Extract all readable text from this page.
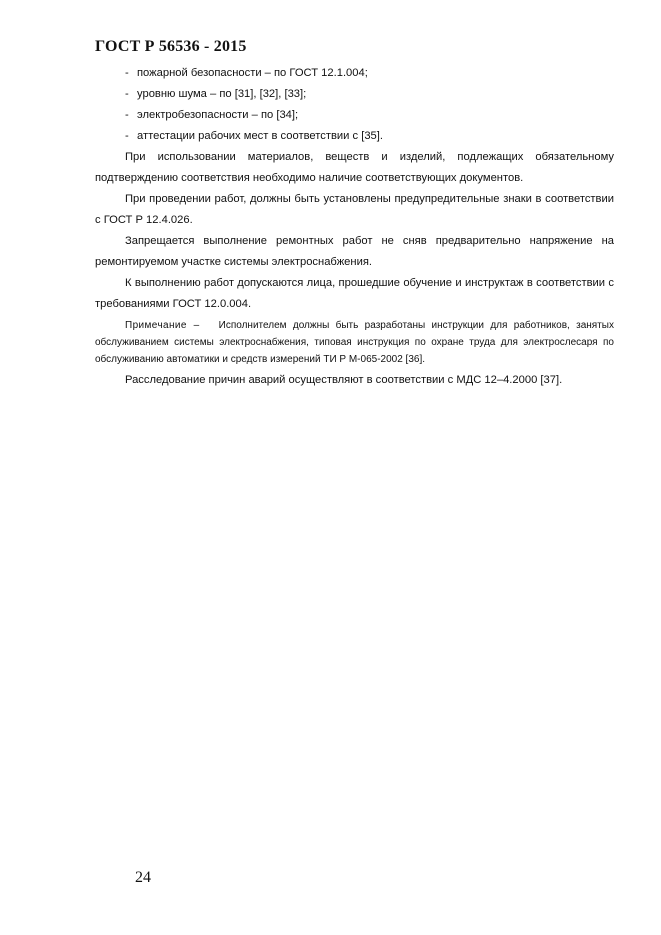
ГОСТ Р 56536 - 2015
- пожарной безопасности – по ГОСТ 12.1.004;
- уровню шума – по [31], [32], [33];
- электробезопасности – по [34];
- аттестации рабочих мест в соответствии с [35].

При использовании материалов, веществ и изделий, подлежащих обязательному подтверждению соответствия необходимо наличие соответствующих документов.

При проведении работ, должны быть установлены предупредительные знаки в соответствии с ГОСТ Р 12.4.026.

Запрещается выполнение ремонтных работ не сняв предварительно напряжение на ремонтируемом участке системы электроснабжения.

К выполнению работ допускаются лица, прошедшие обучение и инструктаж в соответствии с требованиями ГОСТ 12.0.004.

Примечание – Исполнителем должны быть разработаны инструкции для работников, занятых обслуживанием системы электроснабжения, типовая инструкция по охране труда для электрослесаря по обслуживанию автоматики и средств измерений ТИ Р М-065-2002 [36].

Расследование причин аварий осуществляют в соответствии с МДС 12–4.2000 [37].

24
